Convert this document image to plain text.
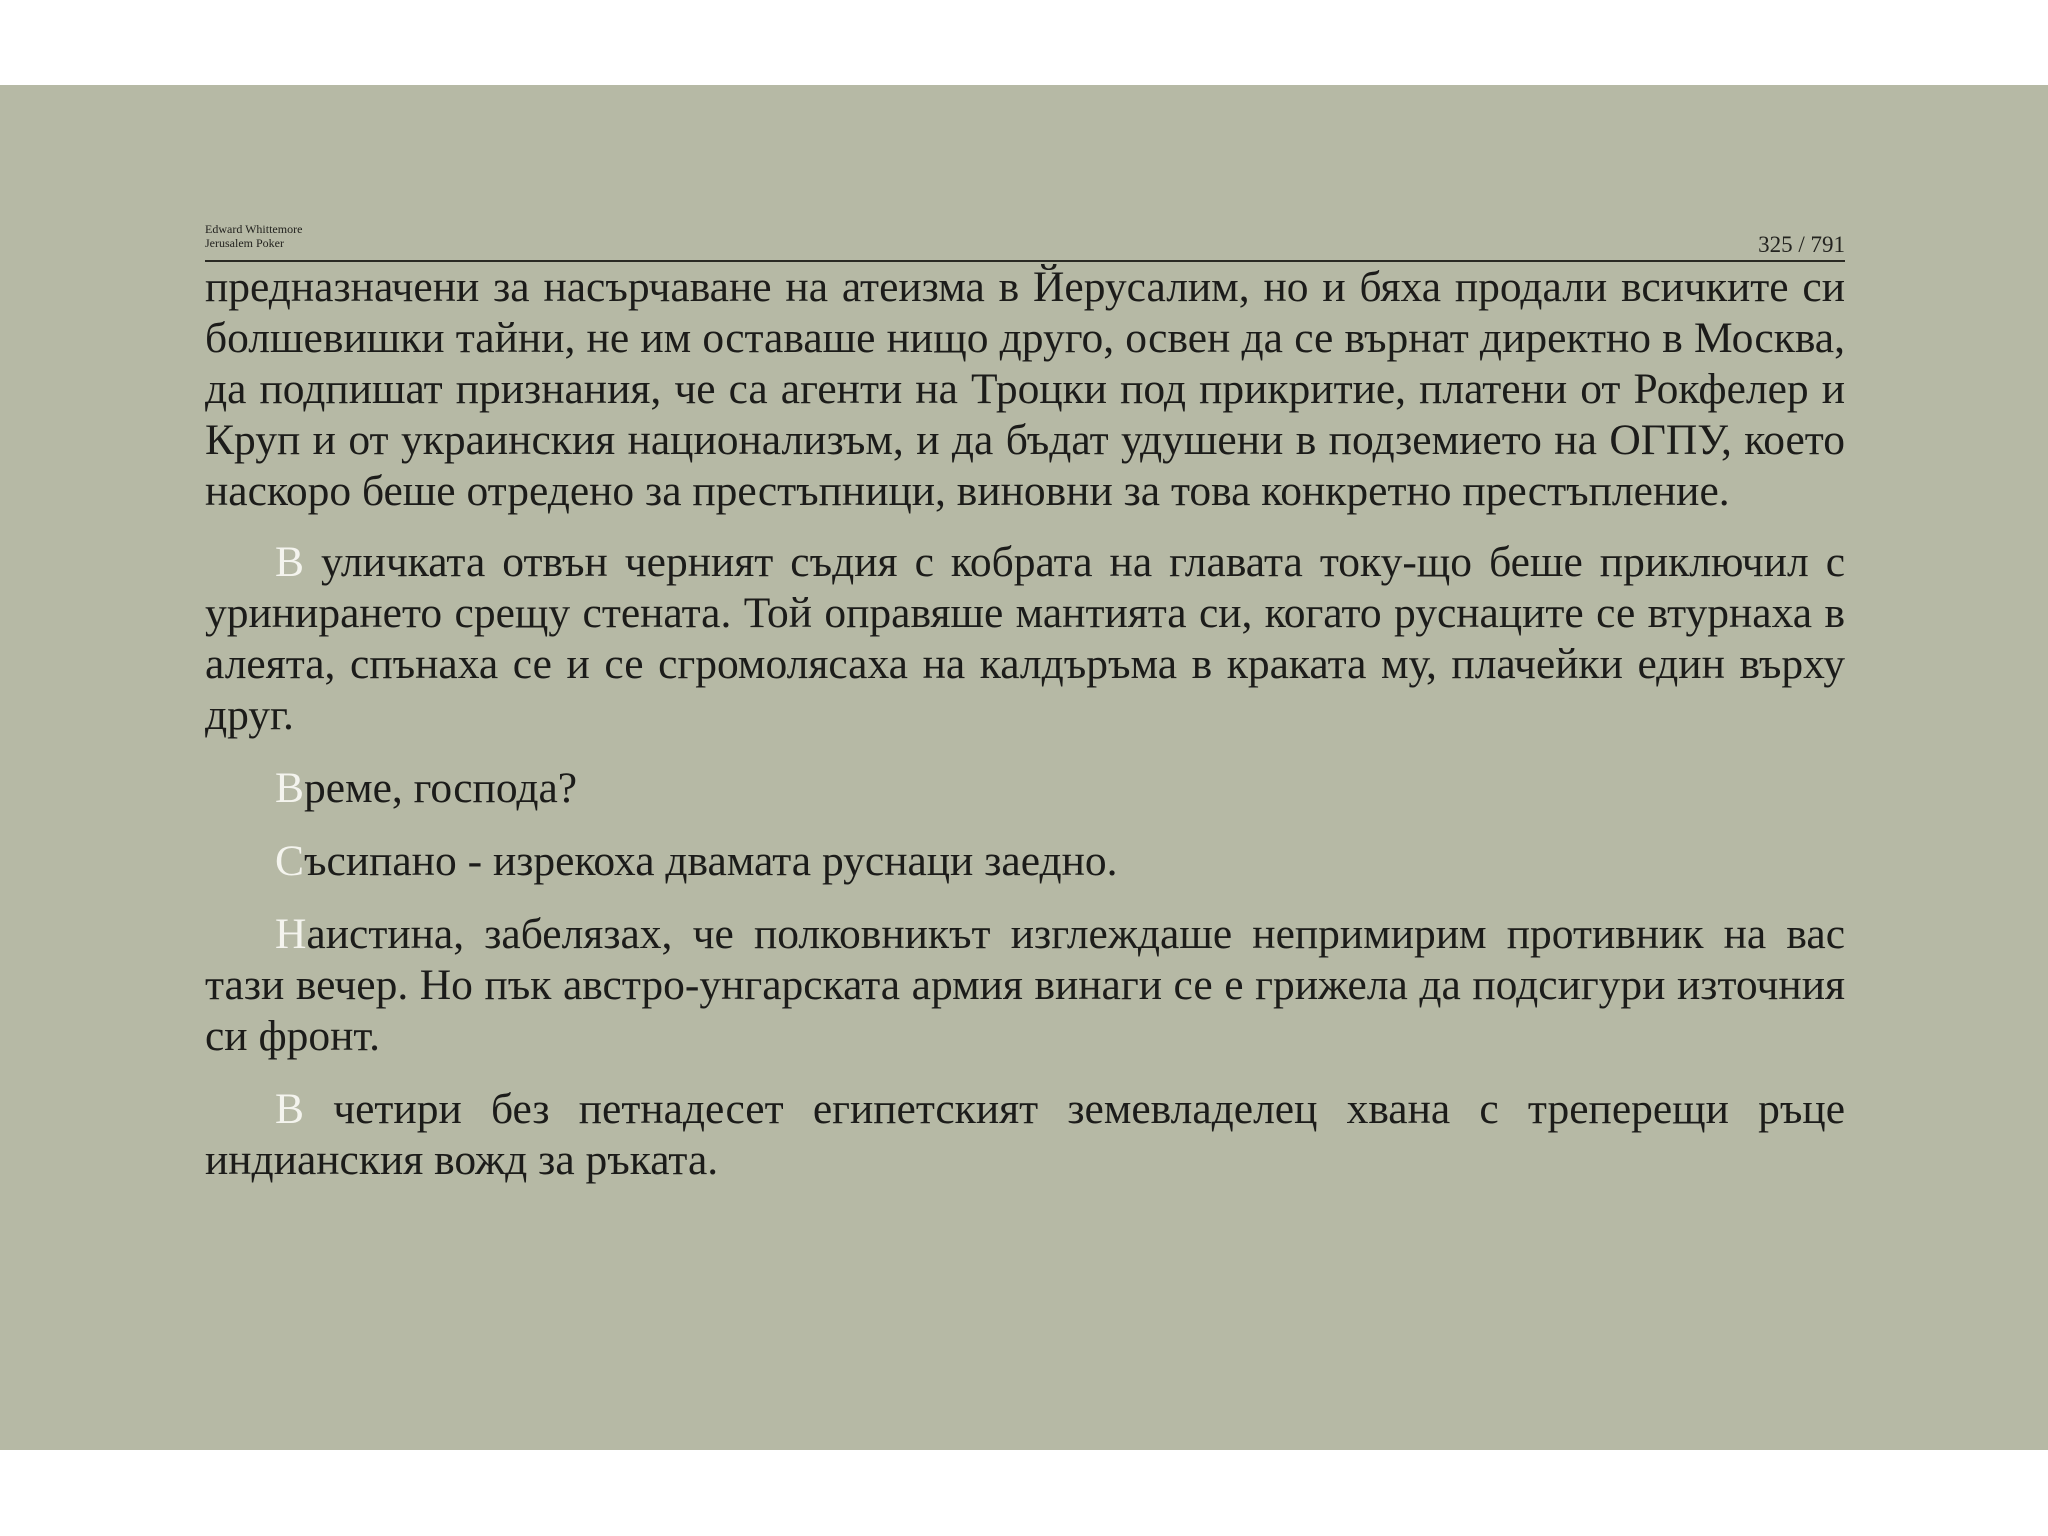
Edward Whittemore
Jerusalem Poker	325 / 791

предназначени за насърчаване на атеизма в Йерусалим, но и бяха продали всичките си болшевишки тайни, не им оставаше нищо друго, освен да се върнат директно в Москва, да подпишат признания, че са агенти на Троцки под прикритие, платени от Рокфелер и Круп и от украинския национализъм, и да бъдат удушени в подземието на ОГПУ, което наскоро беше отредено за престъпници, виновни за това конкретно престъпление.

В уличката отвън черният съдия с кобрата на главата току-що беше приключил с уринирането срещу стената. Той оправяше мантията си, когато руснаците се втурнаха в алеята, спънаха се и се сгромолясаха на калдъръма в краката му, плачейки един върху друг.

Време, господа?

Съсипано - изрекоха двамата руснаци заедно.

Наистина, забелязах, че полковникът изглеждаше непримирим противник на вас тази вечер. Но пък австро-унгарската армия винаги се е грижела да подсигури източния си фронт.

В четири без петнадесет египетският земевладелец хвана с треперещи ръце индианския вожд за ръката.
